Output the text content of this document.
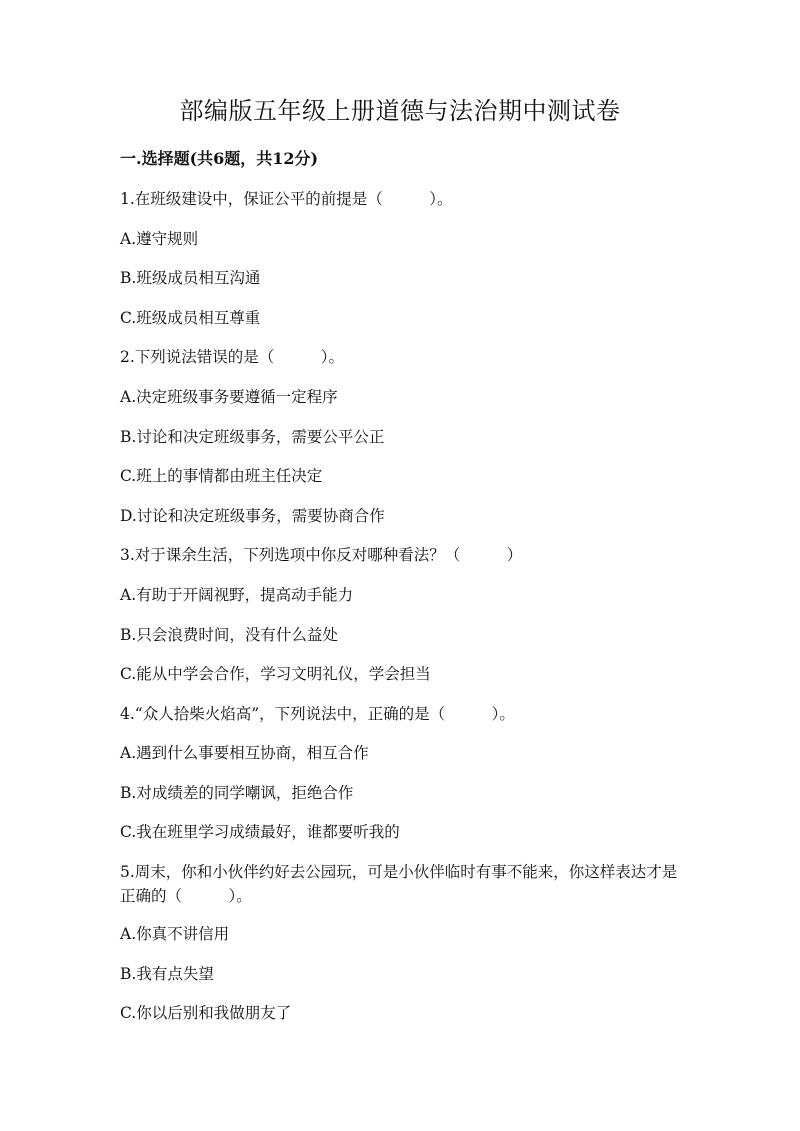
部编版五年级上册道德与法治期中测试卷
一.选择题(共6题，共12分)
1.在班级建设中，保证公平的前提是（　　　）。
A.遵守规则
B.班级成员相互沟通
C.班级成员相互尊重
2.下列说法错误的是（　　　）。
A.决定班级事务要遵循一定程序
B.讨论和决定班级事务，需要公平公正
C.班上的事情都由班主任决定
D.讨论和决定班级事务，需要协商合作
3.对于课余生活，下列选项中你反对哪种看法？（　　　）
A.有助于开阔视野，提高动手能力
B.只会浪费时间，没有什么益处
C.能从中学会合作，学习文明礼仪，学会担当
4.“众人拾柴火焰高”，下列说法中，正确的是（　　　）。
A.遇到什么事要相互协商，相互合作
B.对成绩差的同学嘲讽，拒绝合作
C.我在班里学习成绩最好，谁都要听我的
5.周末，你和小伙伴约好去公园玩，可是小伙伴临时有事不能来，你这样表达才是正确的（　　　）。
A.你真不讲信用
B.我有点失望
C.你以后别和我做朋友了
